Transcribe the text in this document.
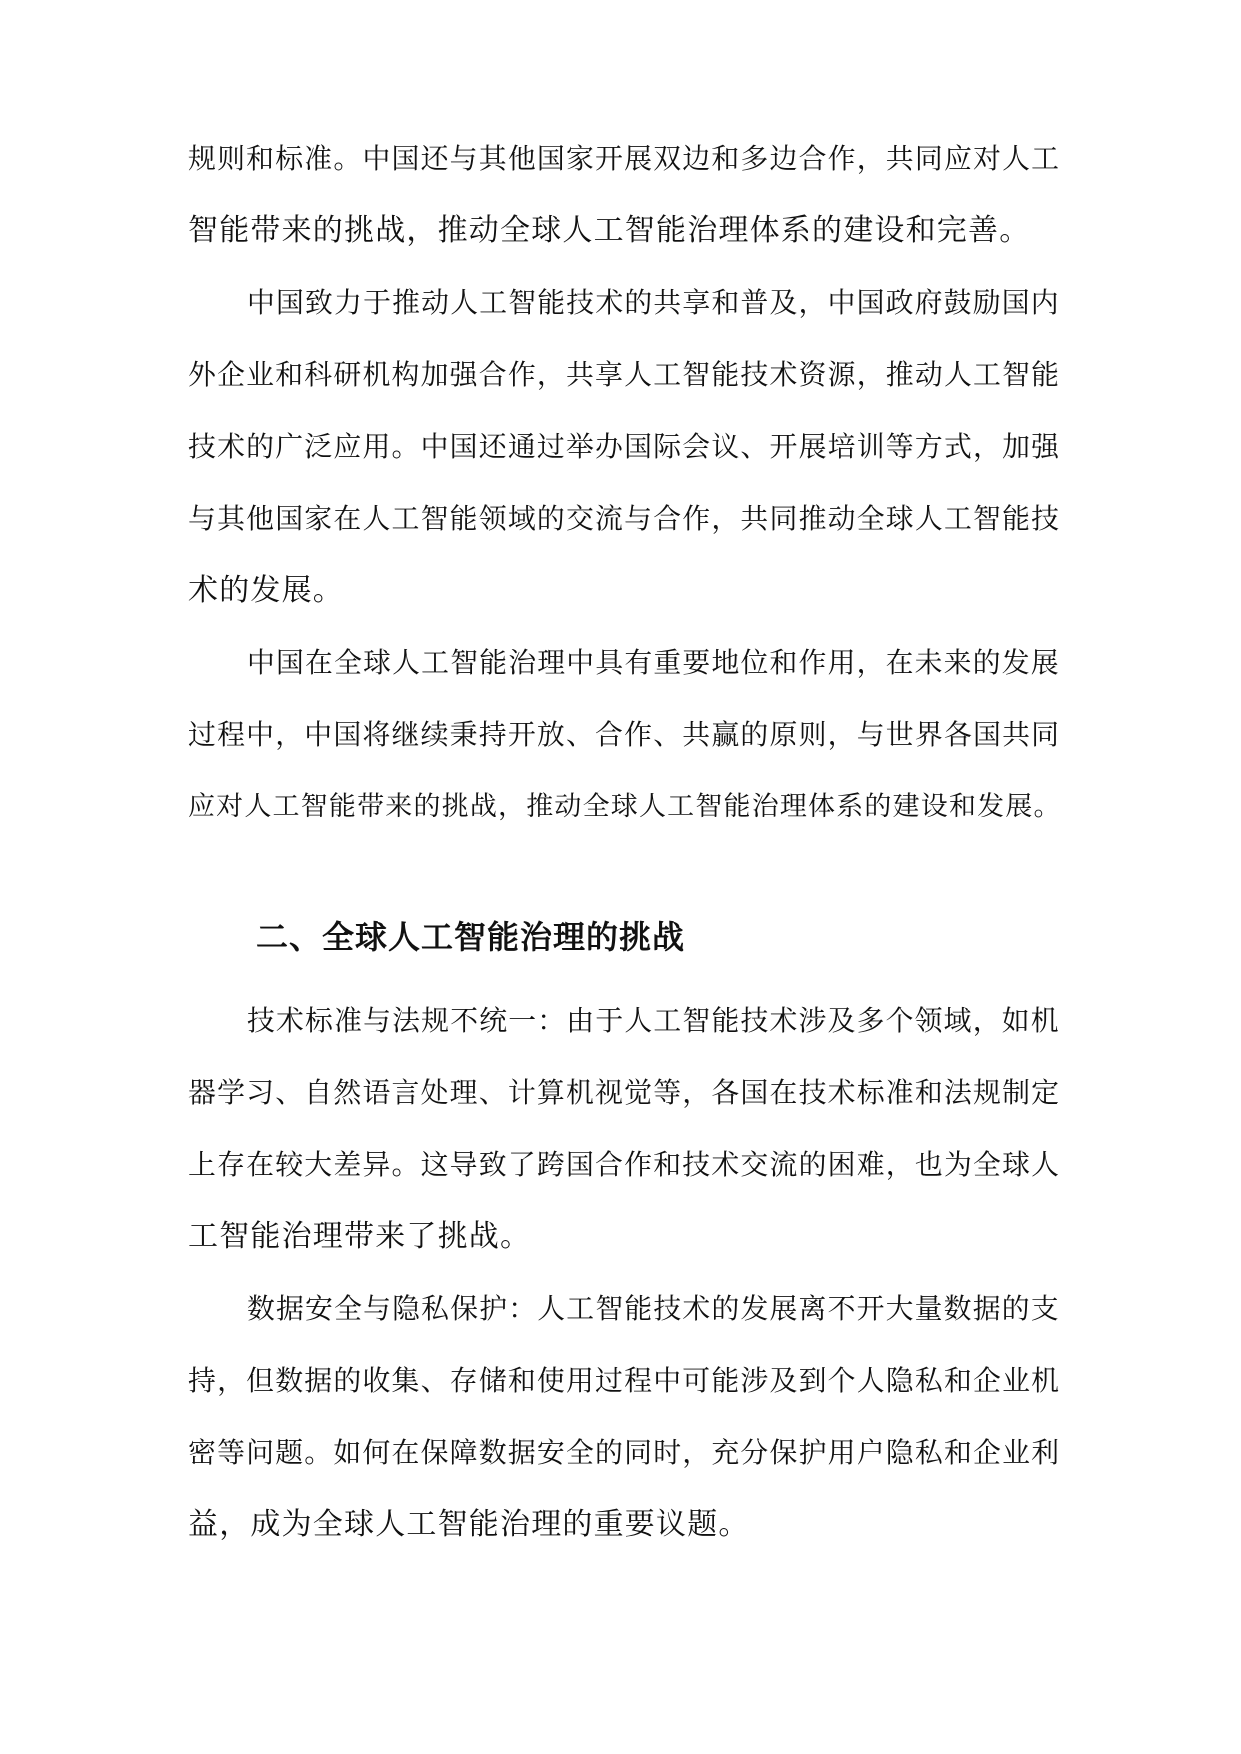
规则和标准。中国还与其他国家开展双边和多边合作，共同应对人工
智能带来的挑战，推动全球人工智能治理体系的建设和完善。
中国致力于推动人工智能技术的共享和普及，中国政府鼓励国内
外企业和科研机构加强合作，共享人工智能技术资源，推动人工智能
技术的广泛应用。中国还通过举办国际会议、开展培训等方式，加强
与其他国家在人工智能领域的交流与合作，共同推动全球人工智能技
术的发展。
中国在全球人工智能治理中具有重要地位和作用，在未来的发展
过程中，中国将继续秉持开放、合作、共赢的原则，与世界各国共同
应对人工智能带来的挑战，推动全球人工智能治理体系的建设和发展。
二、全球人工智能治理的挑战
技术标准与法规不统一：由于人工智能技术涉及多个领域，如机
器学习、自然语言处理、计算机视觉等，各国在技术标准和法规制定
上存在较大差异。这导致了跨国合作和技术交流的困难，也为全球人
工智能治理带来了挑战。
数据安全与隐私保护：人工智能技术的发展离不开大量数据的支
持，但数据的收集、存储和使用过程中可能涉及到个人隐私和企业机
密等问题。如何在保障数据安全的同时，充分保护用户隐私和企业利
益，成为全球人工智能治理的重要议题。
